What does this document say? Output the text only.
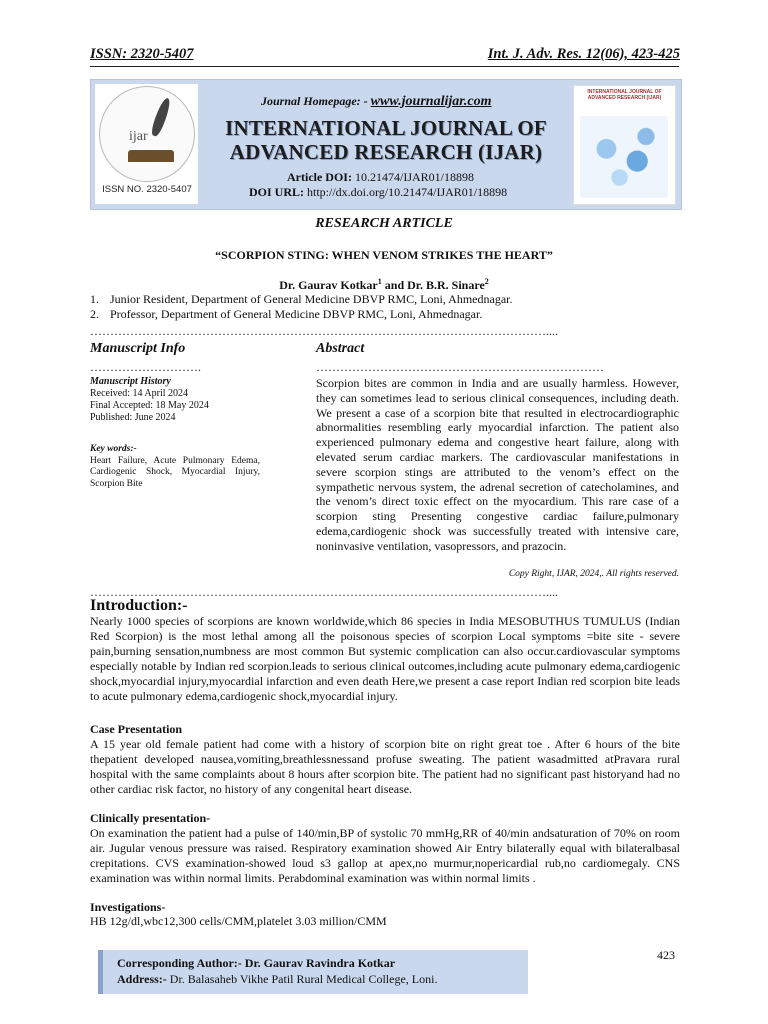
ISSN: 2320-5407	Int. J. Adv. Res. 12(06), 423-425
ijar
ISSN NO. 2320-5407
Journal Homepage: - www.journalijar.com
INTERNATIONAL JOURNAL OF
ADVANCED RESEARCH (IJAR)
Article DOI: 10.21474/IJAR01/18898
DOI URL: http://dx.doi.org/10.21474/IJAR01/18898
INTERNATIONAL JOURNAL OF ADVANCED RESEARCH (IJAR)
RESEARCH ARTICLE
“SCORPION STING: WHEN VENOM STRIKES THE HEART”
Dr. Gaurav Kotkar$^1$ and Dr. B.R. Sinare$^2$
1. Junior Resident, Department of General Medicine DBVP RMC, Loni, Ahmednagar.
2. Professor, Department of General Medicine DBVP RMC, Loni, Ahmednagar.
……………………………………………………………………………………………………....
Manuscript Info
……………………….
Manuscript History
Received: 14 April 2024
Final Accepted: 18 May 2024
Published: June 2024
Key words:-
Heart Failure, Acute Pulmonary Edema, Cardiogenic Shock, Myocardial Injury, Scorpion Bite
Abstract
………………………………………………………………
Scorpion bites are common in India and are usually harmless. However, they can sometimes lead to serious clinical consequences, including death. We present a case of a scorpion bite that resulted in electrocardiographic abnormalities resembling early myocardial infarction. The patient also experienced pulmonary edema and congestive heart failure, along with elevated serum cardiac markers. The cardiovascular manifestations in severe scorpion stings are attributed to the venom’s effect on the sympathetic nervous system, the adrenal secretion of catecholamines, and the venom’s direct toxic effect on the myocardium. This rare case of a scorpion sting Presenting congestive cardiac failure,pulmonary edema,cardiogenic shock was successfully treated with intensive care, noninvasive ventilation, vasopressors, and prazocin.
Copy Right, IJAR, 2024,. All rights reserved.
……………………………………………………………………………………………………....
Introduction:-
Nearly 1000 species of scorpions are known worldwide,which 86 species in India MESOBUTHUS TUMULUS (Indian Red Scorpion) is the most lethal among all the poisonous species of scorpion Local symptoms =bite site - severe pain,burning sensation,numbness are most common But systemic complication can also occur.cardiovascular symptoms especially notable by Indian red scorpion.leads to serious clinical outcomes,including acute pulmonary edema,cardiogenic shock,myocardial injury,myocardial infarction and even death Here,we present a case report Indian red scorpion bite leads to acute pulmonary edema,cardiogenic shock,myocardial injury.
Case Presentation
A 15 year old female patient had come with a history of scorpion bite on right great toe . After 6 hours of the bite thepatient developed nausea,vomiting,breathlessnessand profuse sweating. The patient wasadmitted atPravara rural hospital with the same complaints about 8 hours after scorpion bite. The patient had no significant past historyand had no other cardiac risk factor, no history of any congenital heart disease.
Clinically presentation-
On examination the patient had a pulse of 140/min,BP of systolic 70 mmHg,RR of 40/min andsaturation of 70% on room air. Jugular venous pressure was raised. Respiratory examination showed Air Entry bilaterally equal with bilateralbasal crepitations. CVS examination-showed loud s3 gallop at apex,no murmur,nopericardial rub,no cardiomegaly. CNS examination was within normal limits. Perabdominal examination was within normal limits .
Investigations-
HB 12g/dl,wbc12,300 cells/CMM,platelet 3.03 million/CMM
423
Corresponding Author:- Dr. Gaurav Ravindra Kotkar
Address:- Dr. Balasaheb Vikhe Patil Rural Medical College, Loni.
